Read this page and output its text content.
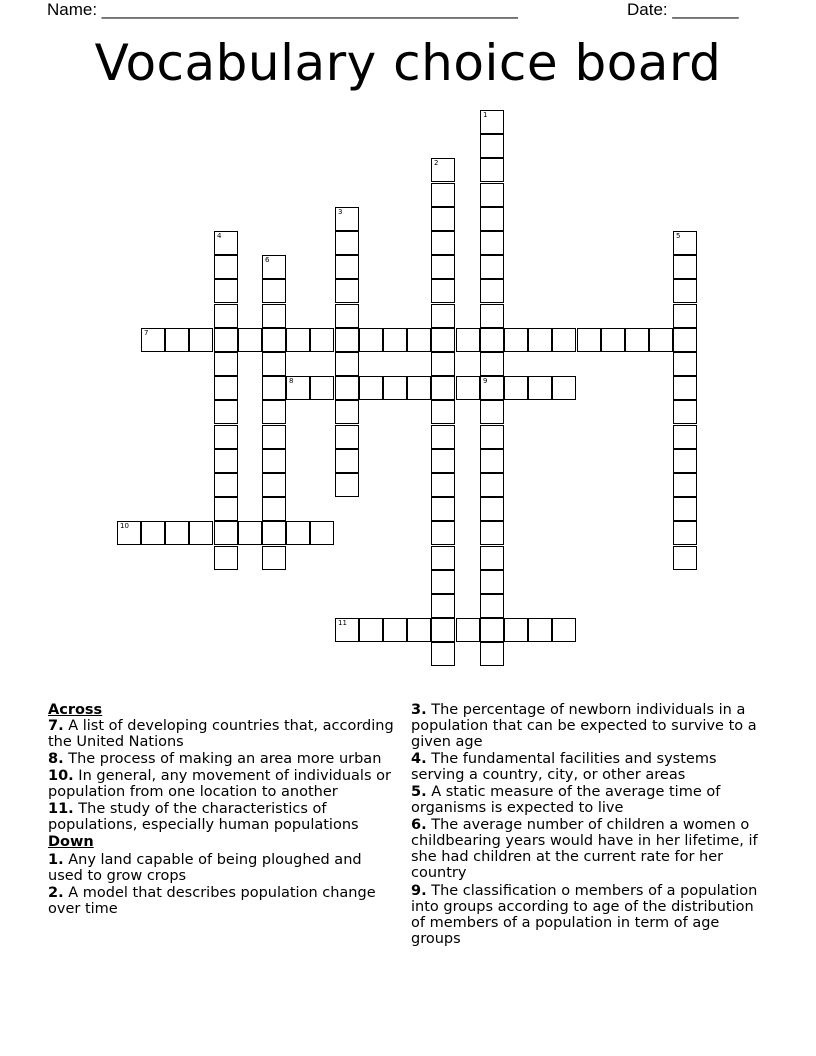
Name: ____________________________________________	Date: _______
Vocabulary choice board
1
9
2
3
4	5
6
7
8
10
11
Across
7. A list of developing countries that, according the United Nations
8. The process of making an area more urban
10. In general, any movement of individuals or population from one location to another
11. The study of the characteristics of populations, especially human populations
Down
1. Any land capable of being ploughed and used to grow crops
2. A model that describes population change over time
3. The percentage of newborn individuals in a population that can be expected to survive to a given age
4. The fundamental facilities and systems serving a country, city, or other areas
5. A static measure of the average time of organisms is expected to live
6. The average number of children a women o childbearing years would have in her lifetime, if she had children at the current rate for her country
9. The classification o members of a population into groups according to age of the distribution of members of a population in term of age groups
